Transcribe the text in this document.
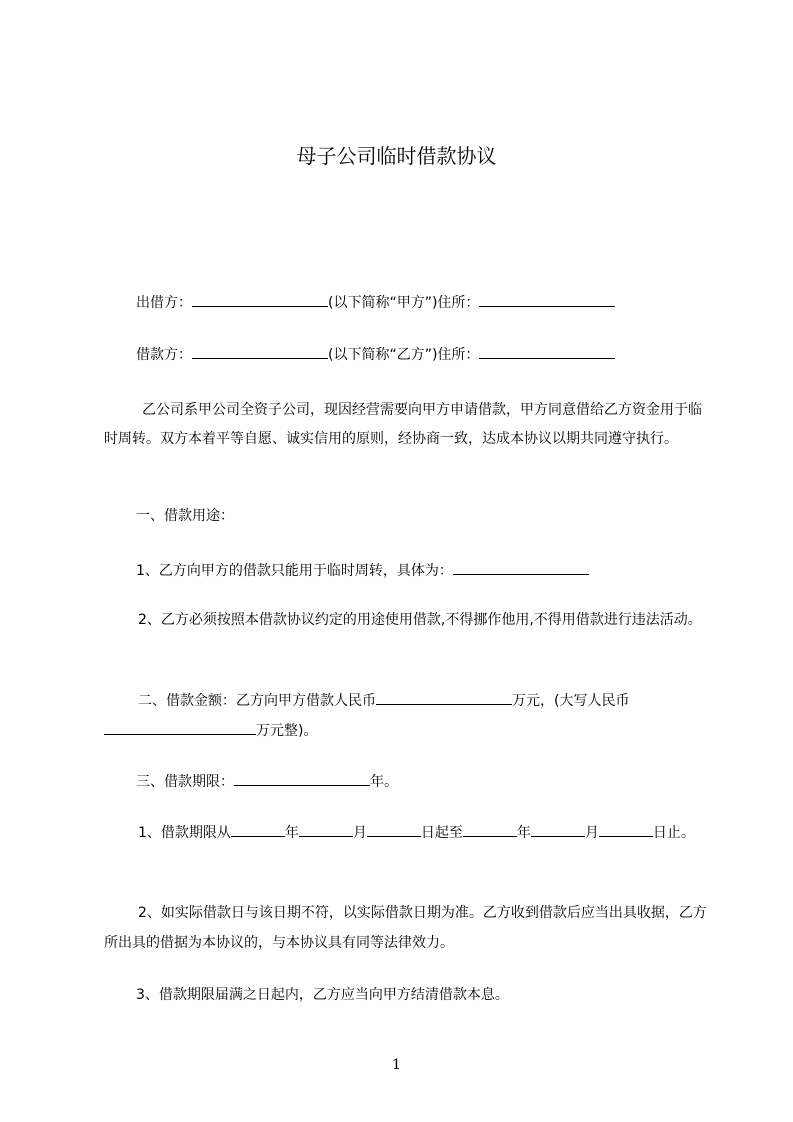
母子公司临时借款协议
出借方：	(以下简称“甲方”)住所：
借款方：	(以下简称“乙方”)住所：
乙公司系甲公司全资子公司，现因经营需要向甲方申请借款，甲方同意借给乙方资金用于临时周转。双方本着平等自愿、诚实信用的原则，经协商一致，达成本协议以期共同遵守执行。
一、借款用途：
1、乙方向甲方的借款只能用于临时周转，具体为：
2、乙方必须按照本借款协议约定的用途使用借款,不得挪作他用,不得用借款进行违法活动。
二、借款金额：乙方向甲方借款人民币	万元，(大写人民币万元整)。
三、借款期限：	年。
1、借款期限从	年	月	日起至	年	月	日止。
2、如实际借款日与该日期不符，以实际借款日期为准。乙方收到借款后应当出具收据，乙方所出具的借据为本协议的，与本协议具有同等法律效力。
3、借款期限届满之日起内，乙方应当向甲方结清借款本息。
1
